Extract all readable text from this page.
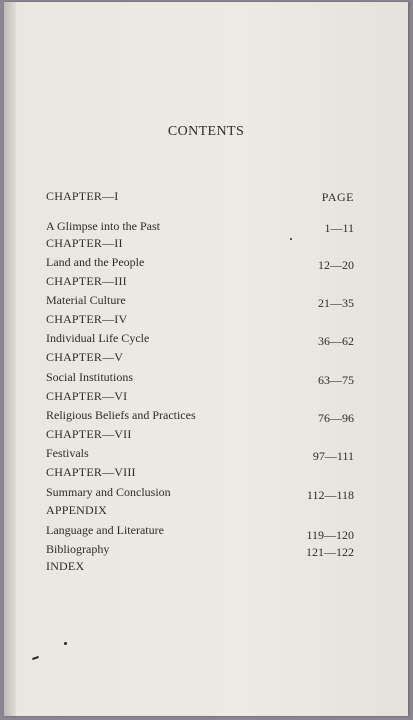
CONTENTS
CHAPTER—I	PAGE
A Glimpse into the Past	1—11
CHAPTER—II
Land and the People	12—20
CHAPTER—III
Material Culture	21—35
CHAPTER—IV
Individual Life Cycle	36—62
CHAPTER—V
Social Institutions	63—75
CHAPTER—VI
Religious Beliefs and Practices	76—96
CHAPTER—VII
Festivals	97—111
CHAPTER—VIII
Summary and Conclusion	112—118
APPENDIX
Language and Literature	119—120
Bibliography	121—122
INDEX
